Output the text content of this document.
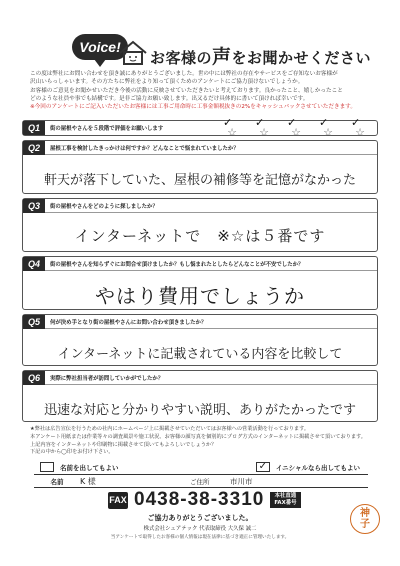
Voice!
お客様の声をお聞かせください
この度は弊社にお問い合わせを頂き誠にありがとうございました。世の中には弊社の存在やサービスをご存知ないお客様が
沢山いらっしゃいます。その方たちに弊社をより知って頂くためのアンケートにご協力頂けないでしょうか。
お客様のご意見をお聞かせいただき今後の活動に反映させていただきたいと考えております。良かったこと、嬉しかったこと
どのような社員や事でも結構です。是非ご協力お願い致します。出又るだけ具体的に書いて頂ければ幸いです。
※今回のアンケートにご記入いただいたお客様には工事ご用命時に工事金額税抜きの2%をキャッシュバックさせていただきます。
Q1	街の屋根やさんを５段階で評価をお願いします	☆
✓
☆
✓
☆
✓
☆
✓
☆
✓
Q2	屋根工事を検討したきっかけは何ですか？どんなことで悩まれていましたか？
軒天が落下していた、屋根の補修等を記憶がなかった
Q3	街の屋根やさんをどのように探しましたか？
インターネットで　※☆は５番です
Q4	街の屋根やさんを知らずぐにお問合せ頂けましたか？もし悩まれたとしたらどんなことが不安でしたか？
やはり費用でしょうか
Q5	何が決め手となり街の屋根やさんにお問い合わせ頂きましたか？
インターネットに記載されている内容を比較して
Q6	実際に弊社担当者が訪問していかがでしたか？
迅速な対応と分かりやすい説明、ありがたかったです
★弊社は広告宣伝を行うための社内にホームページ上に掲載させていただいてはお客様への営業活動を行っております。
本アンケート用紙または作業等々の調査風景や施工状況、お客様の顔写真を個別的にプログ方式のインターネットに掲載させて頂いております。
上記内容をインターネットや印刷物に掲載させて頂いてもよろしいでしょうか？
下記の中から◯印をお付け下さい。
名前を出してもよい	✓	イニシャルなら出してもよい
名前	K 様	ご住所	市川市
FAX 0438-38-3310	本社直通
FAX番号
ご協力ありがとうございました。
株式会社シェアテック 代表取締役 大久保 誠二
当アンケートで取得したお客様の個人情報は現在法律に基づき適正に管理いたします。
神
子
